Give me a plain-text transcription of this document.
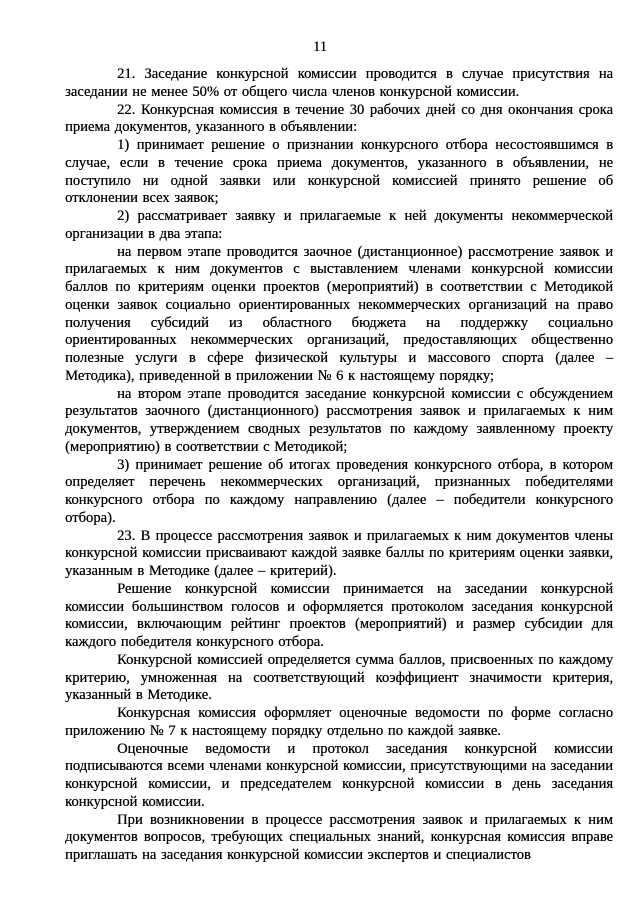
11

21. Заседание конкурсной комиссии проводится в случае присутствия на заседании не менее 50% от общего числа членов конкурсной комиссии.

22. Конкурсная комиссия в течение 30 рабочих дней со дня окончания срока приема документов, указанного в объявлении:

1) принимает решение о признании конкурсного отбора несостоявшимся в случае, если в течение срока приема документов, указанного в объявлении, не поступило ни одной заявки или конкурсной комиссией принято решение об отклонении всех заявок;

2) рассматривает заявку и прилагаемые к ней документы некоммерческой организации в два этапа:

на первом этапе проводится заочное (дистанционное) рассмотрение заявок и прилагаемых к ним документов с выставлением членами конкурсной комиссии баллов по критериям оценки проектов (мероприятий) в соответствии с Методикой оценки заявок социально ориентированных некоммерческих организаций на право получения субсидий из областного бюджета на поддержку социально ориентированных некоммерческих организаций, предоставляющих общественно полезные услуги в сфере физической культуры и массового спорта (далее – Методика), приведенной в приложении № 6 к настоящему порядку;

на втором этапе проводится заседание конкурсной комиссии с обсуждением результатов заочного (дистанционного) рассмотрения заявок и прилагаемых к ним документов, утверждением сводных результатов по каждому заявленному проекту (мероприятию) в соответствии с Методикой;

3) принимает решение об итогах проведения конкурсного отбора, в котором определяет перечень некоммерческих организаций, признанных победителями конкурсного отбора по каждому направлению (далее – победители конкурсного отбора).

23. В процессе рассмотрения заявок и прилагаемых к ним документов члены конкурсной комиссии присваивают каждой заявке баллы по критериям оценки заявки, указанным в Методике (далее – критерий).

Решение конкурсной комиссии принимается на заседании конкурсной комиссии большинством голосов и оформляется протоколом заседания конкурсной комиссии, включающим рейтинг проектов (мероприятий) и размер субсидии для каждого победителя конкурсного отбора.

Конкурсной комиссией определяется сумма баллов, присвоенных по каждому критерию, умноженная на соответствующий коэффициент значимости критерия, указанный в Методике.

Конкурсная комиссия оформляет оценочные ведомости по форме согласно приложению № 7 к настоящему порядку отдельно по каждой заявке.

Оценочные ведомости и протокол заседания конкурсной комиссии подписываются всеми членами конкурсной комиссии, присутствующими на заседании конкурсной комиссии, и председателем конкурсной комиссии в день заседания конкурсной комиссии.

При возникновении в процессе рассмотрения заявок и прилагаемых к ним документов вопросов, требующих специальных знаний, конкурсная комиссия вправе приглашать на заседания конкурсной комиссии экспертов и специалистов
